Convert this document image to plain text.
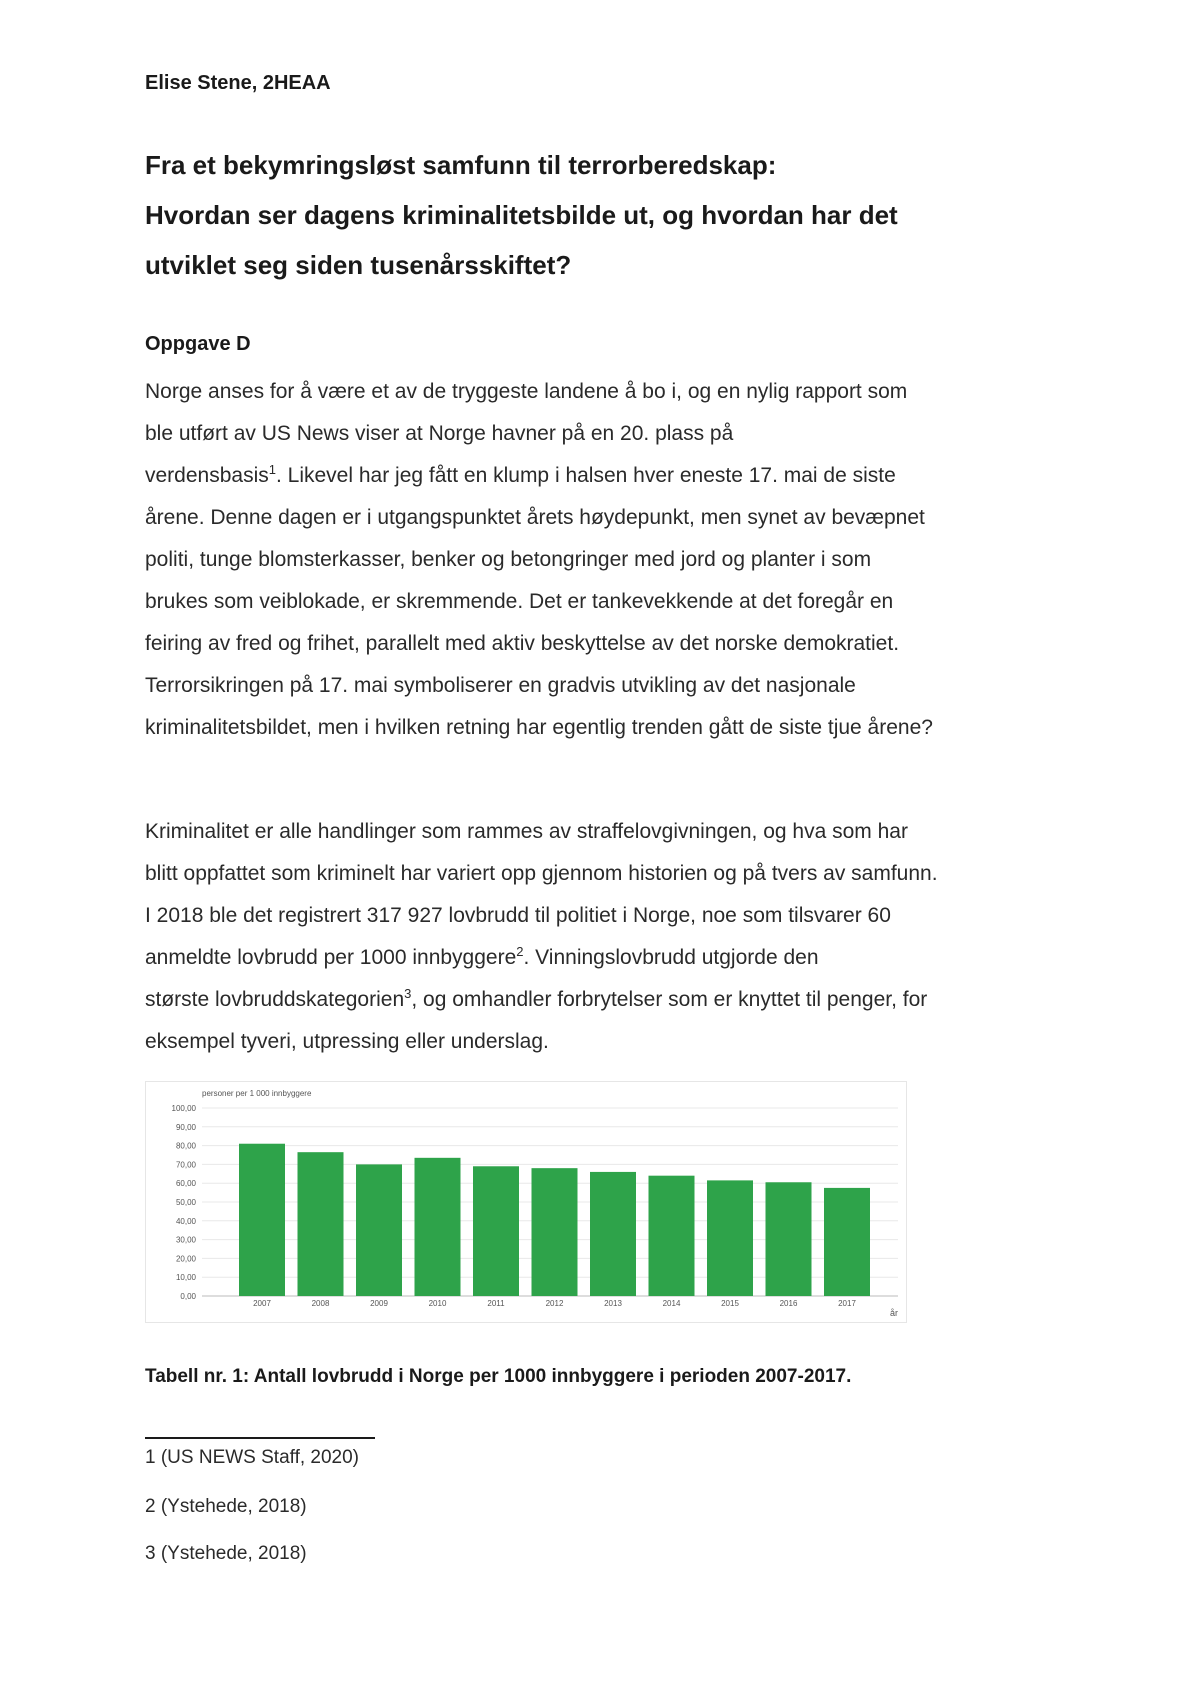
Elise Stene, 2HEAA
Fra et bekymringsløst samfunn til terrorberedskap:
Hvordan ser dagens kriminalitetsbilde ut, og hvordan har det
utviklet seg siden tusenårsskiftet?
Oppgave D
Norge anses for å være et av de tryggeste landene å bo i, og en nylig rapport som
ble utført av US News viser at Norge havner på en 20. plass på
verdensbasis$^1$. Likevel har jeg fått en klump i halsen hver eneste 17. mai de siste
årene. Denne dagen er i utgangspunktet årets høydepunkt, men synet av bevæpnet
politi, tunge blomsterkasser, benker og betongringer med jord og planter i som
brukes som veiblokade, er skremmende. Det er tankevekkende at det foregår en
feiring av fred og frihet, parallelt med aktiv beskyttelse av det norske demokratiet.
Terrorsikringen på 17. mai symboliserer en gradvis utvikling av det nasjonale
kriminalitetsbildet, men i hvilken retning har egentlig trenden gått de siste tjue årene?
Kriminalitet er alle handlinger som rammes av straffelovgivningen, og hva som har
blitt oppfattet som kriminelt har variert opp gjennom historien og på tvers av samfunn.
I 2018 ble det registrert 317 927 lovbrudd til politiet i Norge, noe som tilsvarer 60
anmeldte lovbrudd per 1000 innbyggere$^2$. Vinningslovbrudd utgjorde den
største lovbruddskategorien$^3$, og omhandler forbrytelser som er knyttet til penger, for
eksempel tyveri, utpressing eller underslag.
personer per 1 000 innbyggere
0,00
10,00
20,00
30,00
40,00
50,00
60,00
70,00
80,00
90,00
100,00
2007	2008	2009	2010	2011	2012	2013	2014	2015	2016	2017
år
Tabell nr. 1: Antall lovbrudd i Norge per 1000 innbyggere i perioden 2007-2017.
1 (US NEWS Staff, 2020)
2 (Ystehede, 2018)
3 (Ystehede, 2018)
